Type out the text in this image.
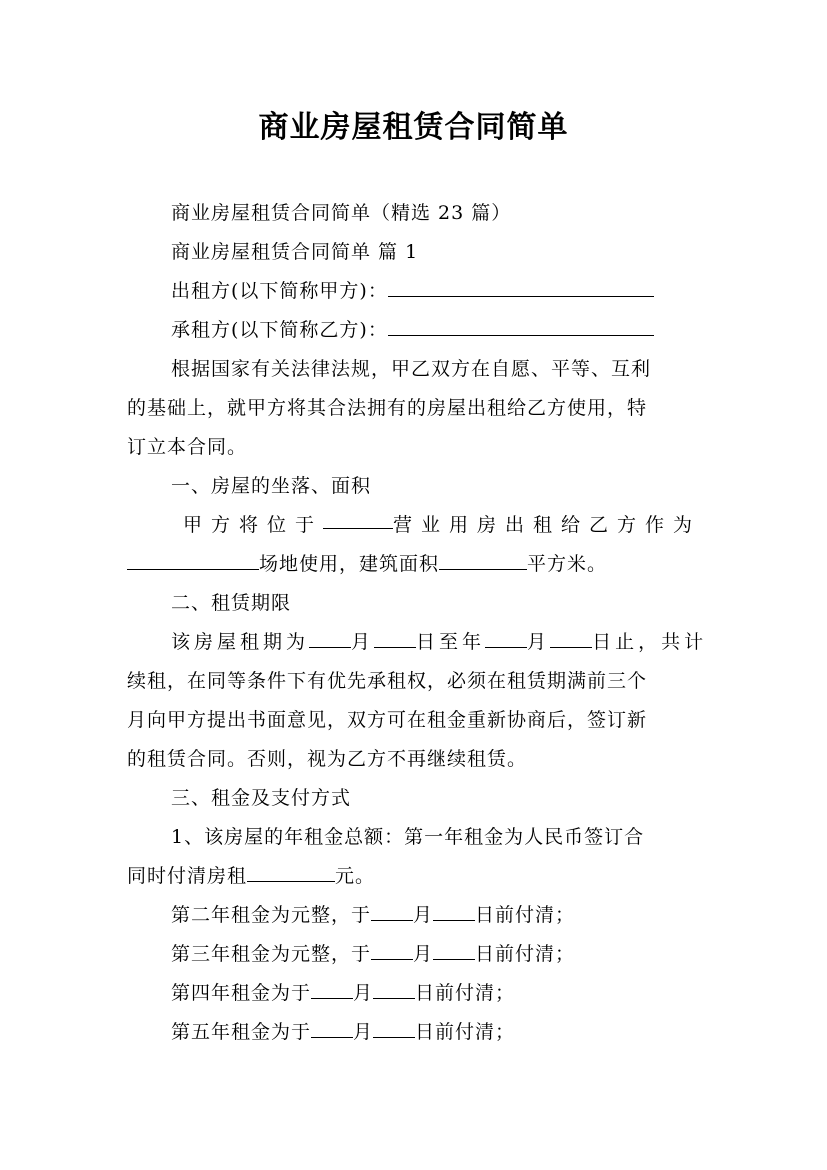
商业房屋租赁合同简单
商业房屋租赁合同简单（精选 23 篇）
商业房屋租赁合同简单 篇 1
出租方(以下简称甲方)：
承租方(以下简称乙方)：
根据国家有关法律法规，甲乙双方在自愿、平等、互利
的基础上，就甲方将其合法拥有的房屋出租给乙方使用，特
订立本合同。
一、房屋的坐落、面积
甲方将位于	营业用房出租给乙方作为
场地使用，建筑面积	平方米。
二、租赁期限
该房屋租期为 月 日至年 月 日止，共计
续租，在同等条件下有优先承租权，必须在租赁期满前三个
月向甲方提出书面意见，双方可在租金重新协商后，签订新
的租赁合同。否则，视为乙方不再继续租赁。
三、租金及支付方式
1、该房屋的年租金总额：第一年租金为人民币签订合
同时付清房租	元。
第二年租金为元整，于 月 日前付清；
第三年租金为元整，于 月 日前付清；
第四年租金为于 月 日前付清；
第五年租金为于 月 日前付清；
